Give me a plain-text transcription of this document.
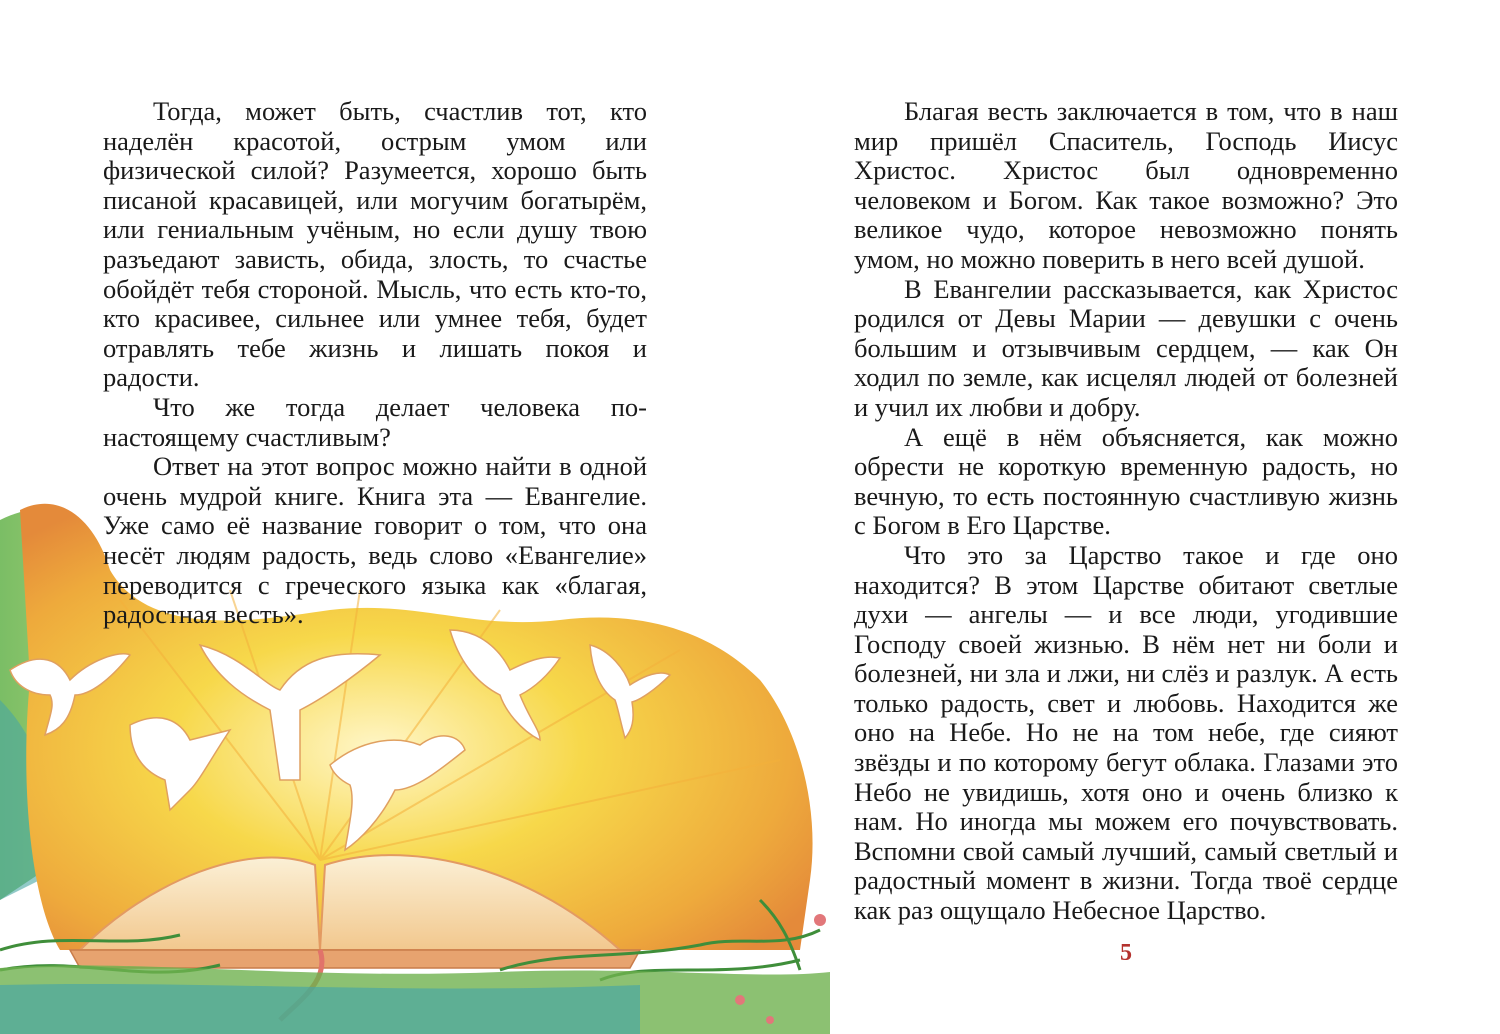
Тогда, может быть, счастлив тот, кто наделён красотой, острым умом или физической силой? Разумеется, хорошо быть писаной красавицей, или могучим богатырём, или гениальным учёным, но если душу твою разъедают зависть, обида, злость, то счастье обойдёт тебя стороной. Мысль, что есть кто-то, кто красивее, сильнее или умнее тебя, будет отравлять тебе жизнь и лишать покоя и радости.

Что же тогда делает человека по-настоящему счастливым?

Ответ на этот вопрос можно найти в одной очень мудрой книге. Книга эта — Евангелие. Уже само её название говорит о том, что она несёт людям радость, ведь слово «Евангелие» переводится с греческого языка как «благая, радостная весть».

Благая весть заключается в том, что в наш мир пришёл Спаситель, Господь Иисус Христос. Христос был одновременно человеком и Богом. Как такое возможно? Это великое чудо, которое невозможно понять умом, но можно поверить в него всей душой.

В Евангелии рассказывается, как Христос родился от Девы Марии — девушки с очень большим и отзывчивым сердцем, — как Он ходил по земле, как исцелял людей от болезней и учил их любви и добру.

А ещё в нём объясняется, как можно обрести не короткую временную радость, но вечную, то есть постоянную счастливую жизнь с Богом в Его Царстве.

Что это за Царство такое и где оно находится? В этом Царстве обитают светлые духи — ангелы — и все люди, угодившие Господу своей жизнью. В нём нет ни боли и болезней, ни зла и лжи, ни слёз и разлук. А есть только радость, свет и любовь. Находится же оно на Небе. Но не на том небе, где сияют звёзды и по которому бегут облака. Глазами это Небо не увидишь, хотя оно и очень близко к нам. Но иногда мы можем его почувствовать. Вспомни свой самый лучший, самый светлый и радостный момент в жизни. Тогда твоё сердце как раз ощущало Небесное Царство.

5
